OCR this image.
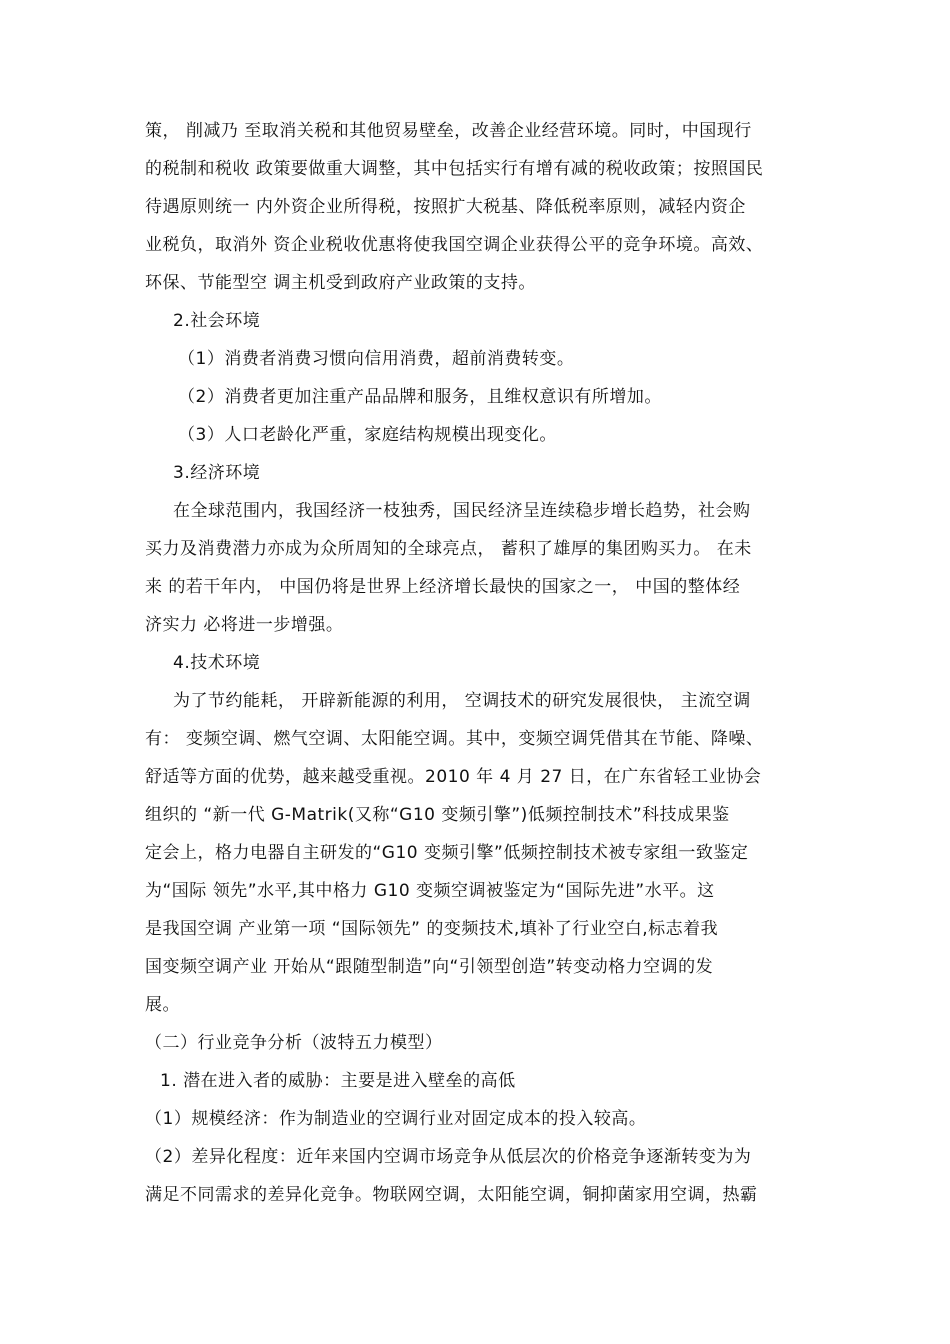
策， 削减乃 至取消关税和其他贸易壁垒，改善企业经营环境。同时，中国现行
的税制和税收 政策要做重大调整，其中包括实行有增有减的税收政策；按照国民
待遇原则统一 内外资企业所得税，按照扩大税基、降低税率原则，减轻内资企
业税负，取消外 资企业税收优惠将使我国空调企业获得公平的竞争环境。高效、
环保、节能型空 调主机受到政府产业政策的支持。
2.社会环境
（1）消费者消费习惯向信用消费，超前消费转变。
（2）消费者更加注重产品品牌和服务，且维权意识有所增加。
（3）人口老龄化严重，家庭结构规模出现变化。
3.经济环境
在全球范围内，我国经济一枝独秀，国民经济呈连续稳步增长趋势，社会购
买力及消费潜力亦成为众所周知的全球亮点， 蓄积了雄厚的集团购买力。 在未
来 的若干年内， 中国仍将是世界上经济增长最快的国家之一， 中国的整体经
济实力 必将进一步增强。
4.技术环境
为了节约能耗， 开辟新能源的利用， 空调技术的研究发展很快， 主流空调
有： 变频空调、燃气空调、太阳能空调。其中，变频空调凭借其在节能、降噪、
舒适等方面的优势，越来越受重视。2010 年 4 月 27 日，在广东省轻工业协会
组织的 “新一代 G-Matrik(又称“G10 变频引擎”)低频控制技术”科技成果鉴
定会上，格力电器自主研发的“G10 变频引擎”低频控制技术被专家组一致鉴定
为“国际 领先”水平,其中格力 G10 变频空调被鉴定为“国际先进”水平。这
是我国空调 产业第一项 “国际领先” 的变频技术,填补了行业空白,标志着我
国变频空调产业 开始从“跟随型制造”向“引领型创造”转变动格力空调的发
展。
（二）行业竞争分析（波特五力模型）
1. 潜在进入者的威胁：主要是进入壁垒的高低
（1）规模经济：作为制造业的空调行业对固定成本的投入较高。
（2）差异化程度：近年来国内空调市场竞争从低层次的价格竞争逐渐转变为为
满足不同需求的差异化竞争。物联网空调，太阳能空调，铜抑菌家用空调，热霸
